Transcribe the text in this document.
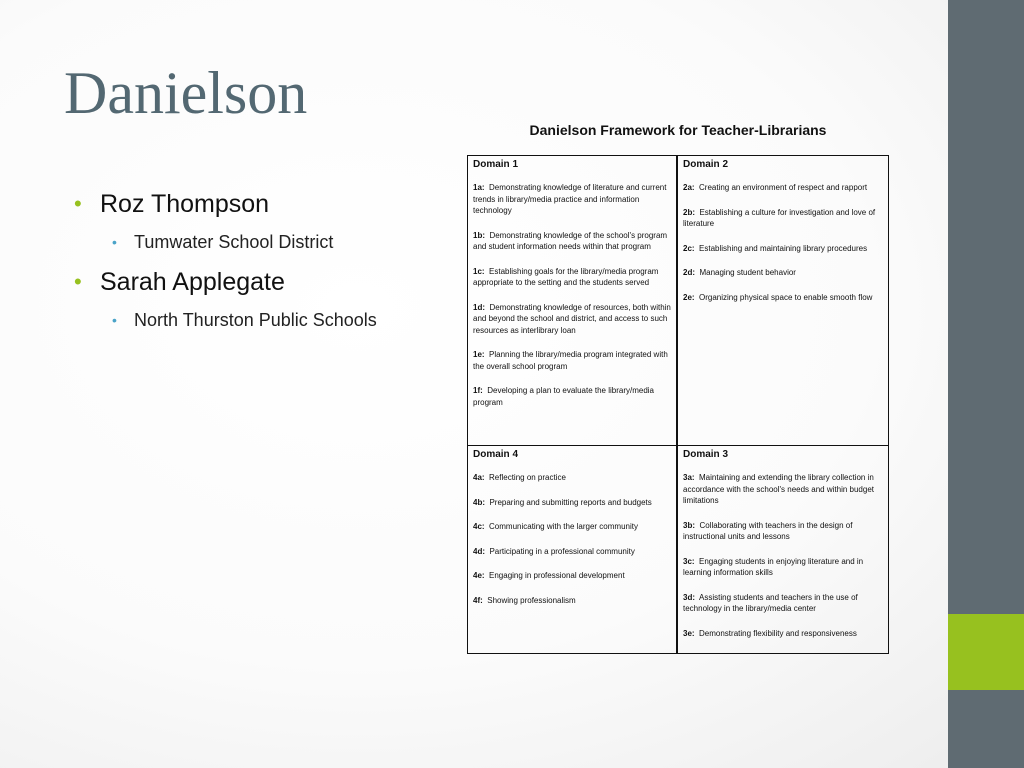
Danielson
• Roz Thompson
• Tumwater School District
• Sarah Applegate
• North Thurston Public Schools
Danielson Framework for Teacher-Librarians
Domain 1
1a: Demonstrating knowledge of literature and current trends in library/media practice and information technology
1b: Demonstrating knowledge of the school's program and student information needs within that program
1c: Establishing goals for the library/media program appropriate to the setting and the students served
1d: Demonstrating knowledge of resources, both within and beyond the school and district, and access to such resources as interlibrary loan
1e: Planning the library/media program integrated with the overall school program
1f: Developing a plan to evaluate the library/media program
Domain 2
2a: Creating an environment of respect and rapport
2b: Establishing a culture for investigation and love of literature
2c: Establishing and maintaining library procedures
2d: Managing student behavior
2e: Organizing physical space to enable smooth flow
Domain 4
4a: Reflecting on practice
4b: Preparing and submitting reports and budgets
4c: Communicating with the larger community
4d: Participating in a professional community
4e: Engaging in professional development
4f: Showing professionalism
Domain 3
3a: Maintaining and extending the library collection in accordance with the school's needs and within budget limitations
3b: Collaborating with teachers in the design of instructional units and lessons
3c: Engaging students in enjoying literature and in learning information skills
3d: Assisting students and teachers in the use of technology in the library/media center
3e: Demonstrating flexibility and responsiveness
